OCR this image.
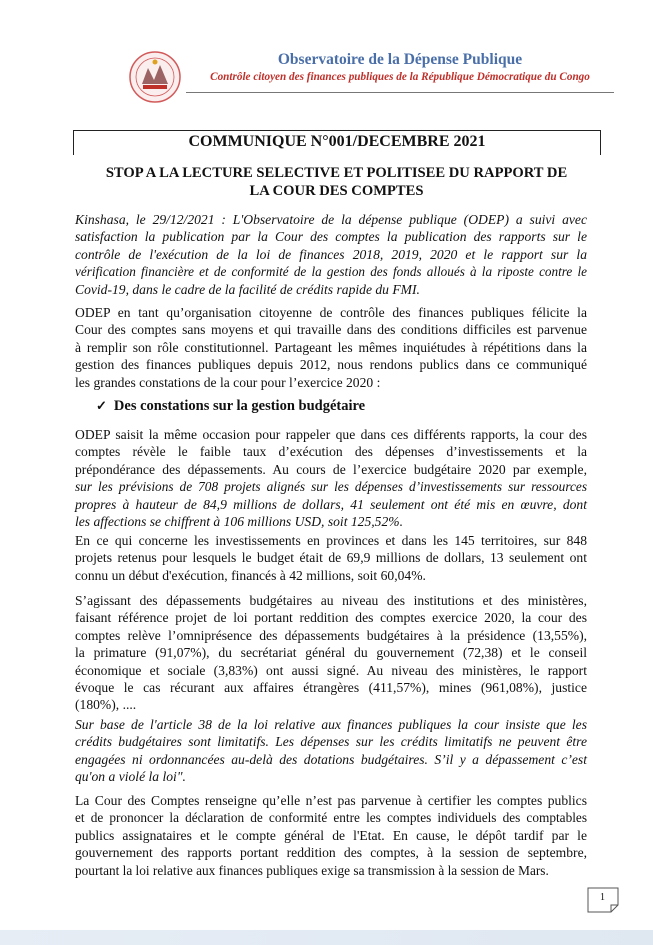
Observatoire de la Dépense Publique
Contrôle citoyen des finances publiques de la République Démocratique du Congo
COMMUNIQUE N°001/DECEMBRE 2021
STOP A LA LECTURE SELECTIVE ET POLITISEE DU RAPPORT DE
LA COUR DES COMPTES
Kinshasa, le 29/12/2021 : L'Observatoire de la dépense publique (ODEP) a suivi avec
satisfaction la publication par la Cour des comptes la publication des rapports sur le
contrôle de l'exécution de la loi de finances 2018, 2019, 2020 et le rapport sur la
vérification financière et de conformité de la gestion des fonds alloués à la riposte contre le
Covid-19, dans le cadre de la facilité de crédits rapide du FMI.
ODEP en tant qu’organisation citoyenne de contrôle des finances publiques félicite la
Cour des comptes sans moyens et qui travaille dans des conditions difficiles est parvenue
à remplir son rôle constitutionnel. Partageant les mêmes inquiétudes à répétitions dans la
gestion des finances publiques depuis 2012, nous rendons publics dans ce communiqué
les grandes constations de la cour pour l’exercice 2020 :
✓ Des constations sur la gestion budgétaire
ODEP saisit la même occasion pour rappeler que dans ces différents rapports, la cour des
comptes révèle le faible taux d’exécution des dépenses d’investissements et la
prépondérance des dépassements. Au cours de l’exercice budgétaire 2020 par exemple,
sur les prévisions de 708 projets alignés sur les dépenses d’investissements sur ressources
propres à hauteur de 84,9 millions de dollars, 41 seulement ont été mis en œuvre, dont
les affections se chiffrent à 106 millions USD, soit 125,52%.
En ce qui concerne les investissements en provinces et dans les 145 territoires, sur 848
projets retenus pour lesquels le budget était de 69,9 millions de dollars, 13 seulement ont
connu un début d'exécution, financés à 42 millions, soit 60,04%.
S’agissant des dépassements budgétaires au niveau des institutions et des ministères,
faisant référence projet de loi portant reddition des comptes exercice 2020, la cour des
comptes relève l’omniprésence des dépassements budgétaires à la présidence (13,55%),
la primature (91,07%), du secrétariat général du gouvernement (72,38) et le conseil
économique et sociale (3,83%) ont aussi signé. Au niveau des ministères, le rapport
évoque le cas récurant aux affaires étrangères (411,57%), mines (961,08%), justice
(180%), ....
Sur base de l'article 38 de la loi relative aux finances publiques la cour insiste que les
crédits budgétaires sont limitatifs. Les dépenses sur les crédits limitatifs ne peuvent être
engagées ni ordonnancées au-delà des dotations budgétaires. S’il y a dépassement c’est
qu'on a violé la loi".
La Cour des Comptes renseigne qu’elle n’est pas parvenue à certifier les comptes publics
et de prononcer la déclaration de conformité entre les comptes individuels des comptables
publics assignataires et le compte général de l'Etat. En cause, le dépôt tardif par le
gouvernement des rapports portant reddition des comptes, à la session de septembre,
pourtant la loi relative aux finances publiques exige sa transmission à la session de Mars.
1
